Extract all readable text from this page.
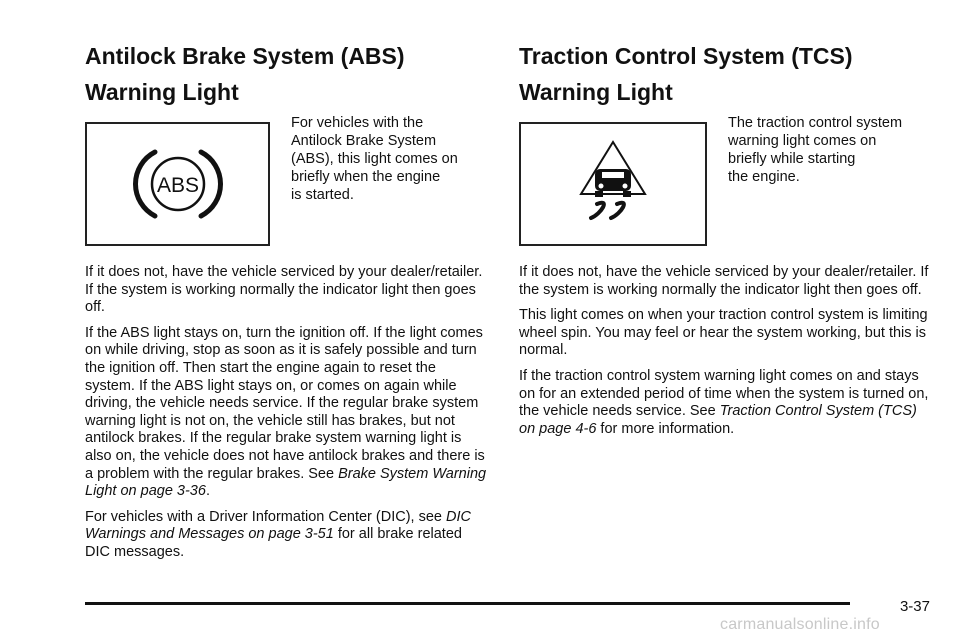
Antilock Brake System (ABS)
Warning Light
ABS
For vehicles with the
Antilock Brake System
(ABS), this light comes on
briefly when the engine
is started.

If it does not, have the vehicle serviced by your dealer/retailer. If the system is working normally the indicator light then goes off.

If the ABS light stays on, turn the ignition off. If the light comes on while driving, stop as soon as it is safely possible and turn the ignition off. Then start the engine again to reset the system. If the ABS light stays on, or comes on again while driving, the vehicle needs service. If the regular brake system warning light is not on, the vehicle still has brakes, but not antilock brakes. If the regular brake system warning light is also on, the vehicle does not have antilock brakes and there is a problem with the regular brakes. See Brake System Warning Light on page 3-36.

For vehicles with a Driver Information Center (DIC), see DIC Warnings and Messages on page 3-51 for all brake related DIC messages.

Traction Control System (TCS)
Warning Light
The traction control system
warning light comes on
briefly while starting
the engine.

If it does not, have the vehicle serviced by your dealer/retailer. If the system is working normally the indicator light then goes off.

This light comes on when your traction control system is limiting wheel spin. You may feel or hear the system working, but this is normal.

If the traction control system warning light comes on and stays on for an extended period of time when the system is turned on, the vehicle needs service. See Traction Control System (TCS) on page 4-6 for more information.

3-37
carmanualsonline.info
